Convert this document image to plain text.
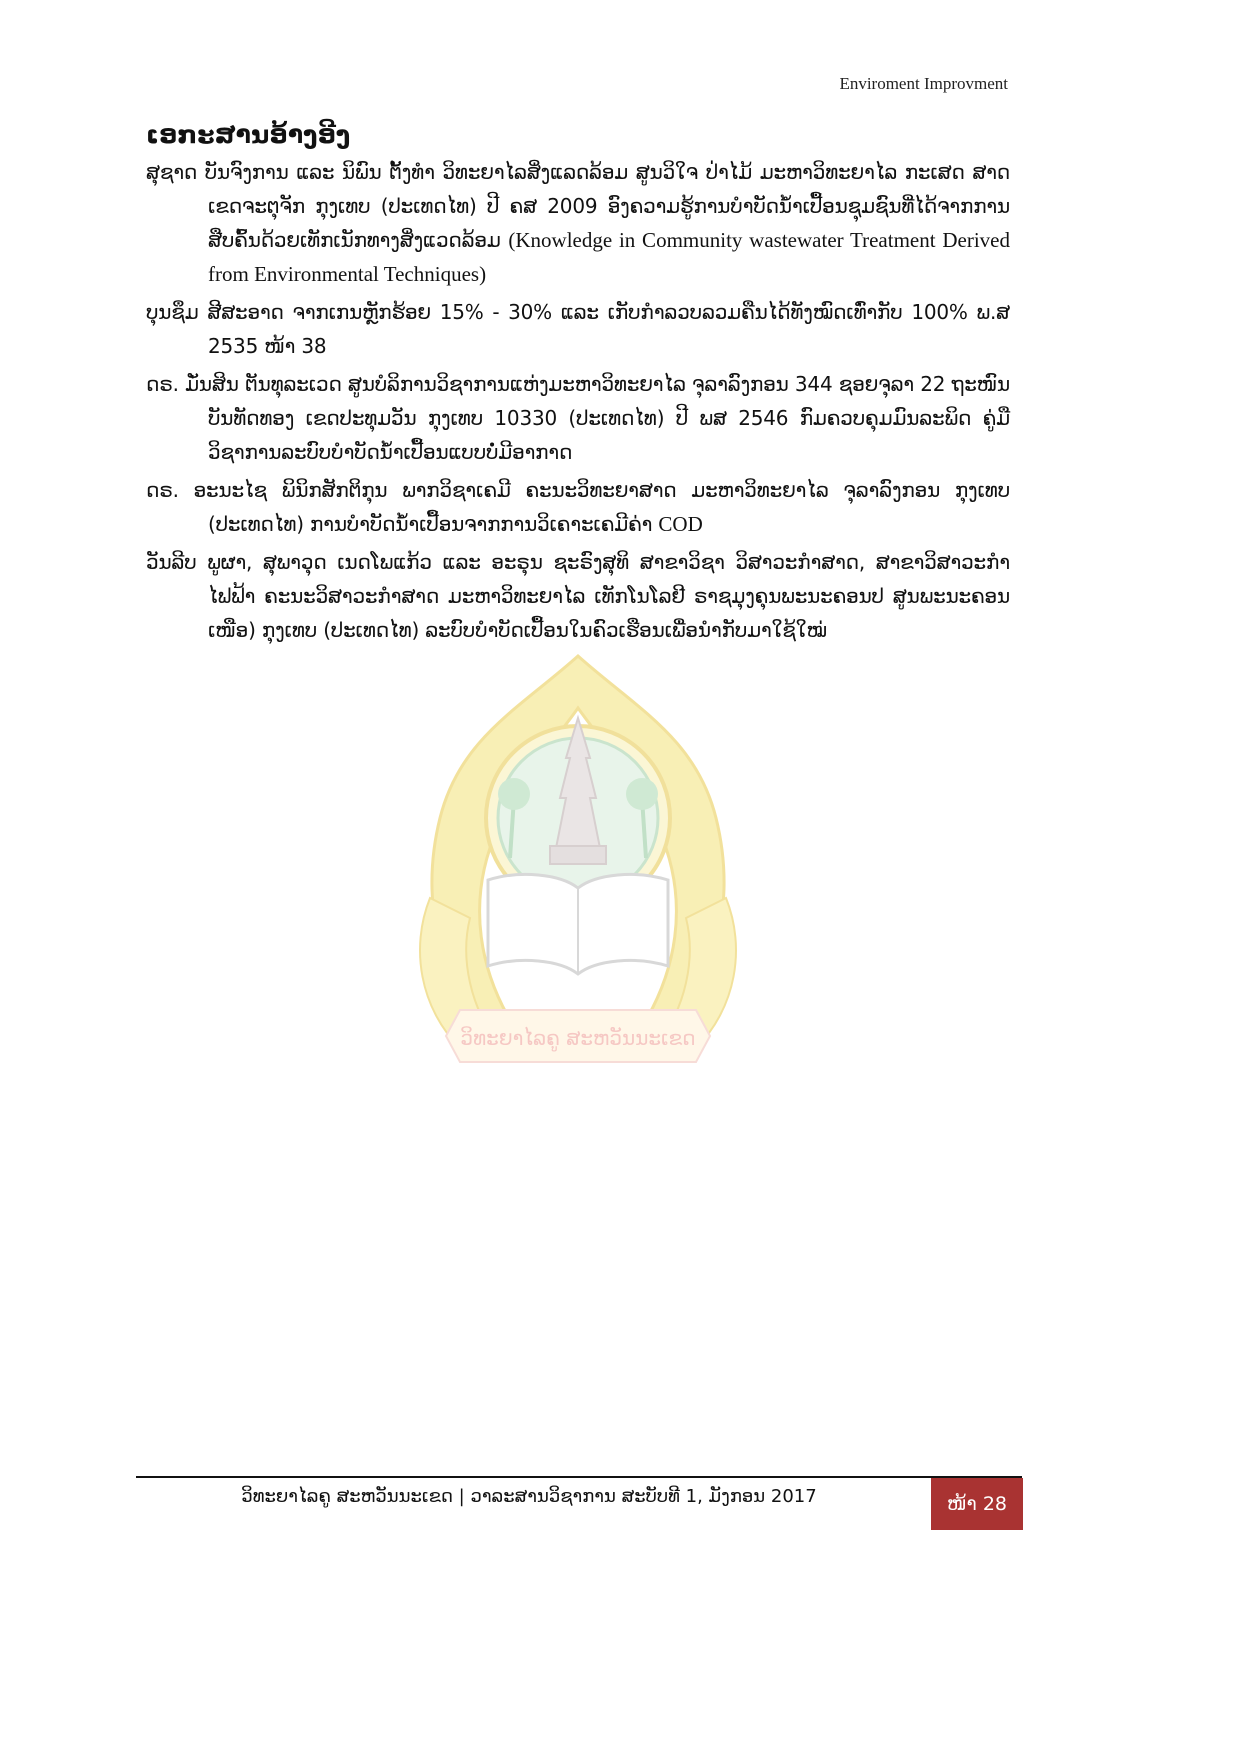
Enviroment Improvment
ວິທະຍາໄລຄູ ສະຫວັນນະເຂດ
ເອກະສານອ້າງອີງ
ສຸຊາດ ບັນຈົງການ ແລະ ນິພົນ ຕັ້ງທຳ ວິທະຍາໄລສິ່ງແລດລ້ອມ ສູນວິໃຈ ປ່າໄມ້ ມະຫາວິທະຍາໄລ ກະເສດ ສາດ ເຂດຈະຕຸຈັກ ກຸງເທບ (ປະເທດໄທ) ປີ ຄສ 2009 ອົງຄວາມຮູ້ການບຳບັດນ້ຳເປື້ອນຊຸມຊົນທີ່ໄດ້ຈາກການສືບຄົ້ນດ້ວຍເທັກເນັກທາງສິ່ງແວດລ້ອມ (Knowledge in Community wastewater Treatment Derived from Environmental Techniques)
ບຸນຊຶມ ສີສະອາດ ຈາກເກນຫຼັກຮ້ອຍ 15% - 30% ແລະ ເກັບກຳລວບລວມຄືນໄດ້ທັງໝົດເທົ່າກັບ 100% ພ.ສ 2535 ໜ້າ 38
ດຣ. ມັ່ນສິນ ຕັນທຸລະເວດ ສູນບໍລິການວິຊາການແຫ່ງມະຫາວິທະຍາໄລ ຈຸລາລົງກອນ 344 ຊອຍຈຸລາ 22 ຖະໜົນບັນທັດທອງ ເຂດປະທຸມວັນ ກຸງເທບ 10330 (ປະເທດໄທ) ປີ ພສ 2546 ກົມຄວບຄຸມມົນລະພິດ ຄູ່ມືວິຊາການລະບົບບຳບັດນ້ຳເປື້ອນແບບບໍ່ມີອາກາດ
ດຣ. ອະນະໄຊ ພິນິກສັກຕິກຸນ ພາກວິຊາເຄມີ ຄະນະວິທະຍາສາດ ມະຫາວິທະຍາໄລ ຈຸລາລົງກອນ ກຸງເທບ (ປະເທດໄທ) ການບຳບັດນ້ຳເປື້ອນຈາກການວິເຄາະເຄມີຄ່າ COD
ວັນລີບ ພູຜາ, ສຸພາວຸດ ເນດໂພແກ້ວ ແລະ ອະຣຸນ ຊະຣົງສຸທິ ສາຂາວິຊາ ວິສາວະກຳສາດ, ສາຂາວິສາວະກຳໄຟຟ້າ ຄະນະວິສາວະກຳສາດ ມະຫາວິທະຍາໄລ ເທັກໂນໂລຢີ ຣາຊມຸງຄຸນພະນະຄອນປ ສູນພະນະຄອນເໜືອ) ກຸງເທບ (ປະເທດໄທ) ລະບົບບຳບັດເປື້ອນໃນຄົວເຮືອນເພື່ອນຳກັບມາໃຊ້ໃໝ່
ວິທະຍາໄລຄູ ສະຫວັນນະເຂດ | ວາລະສານວິຊາການ ສະບັບທີ 1, ມັງກອນ 2017	ໜ້າ 28
